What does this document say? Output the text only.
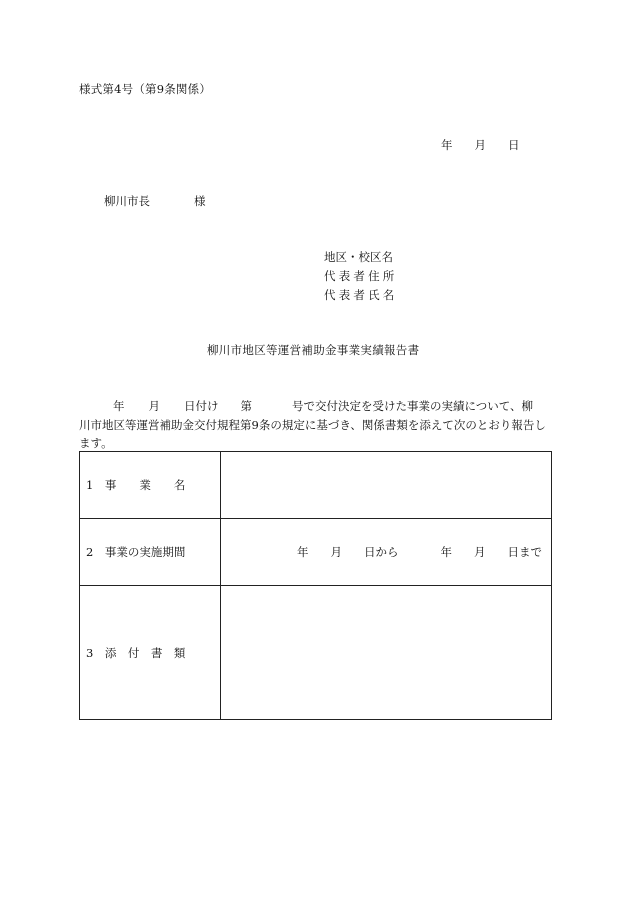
様式第4号（第9条関係）
年 月 日
柳川市長	様
地区・校区名
代表者住所
代表者氏名
柳川市地区等運営補助金事業実績報告書
年 月 日付け 第	号で交付決定を受けた事業の実績について、柳
川市地区等運営補助金交付規程第9条の規定に基づき、関係書類を添えて次のとおり報告し
ます。
1　 事　　業　　名	
2　 事業の実施期間	年 月 日から 年 月 日まで

3　 添　付　書　類	
